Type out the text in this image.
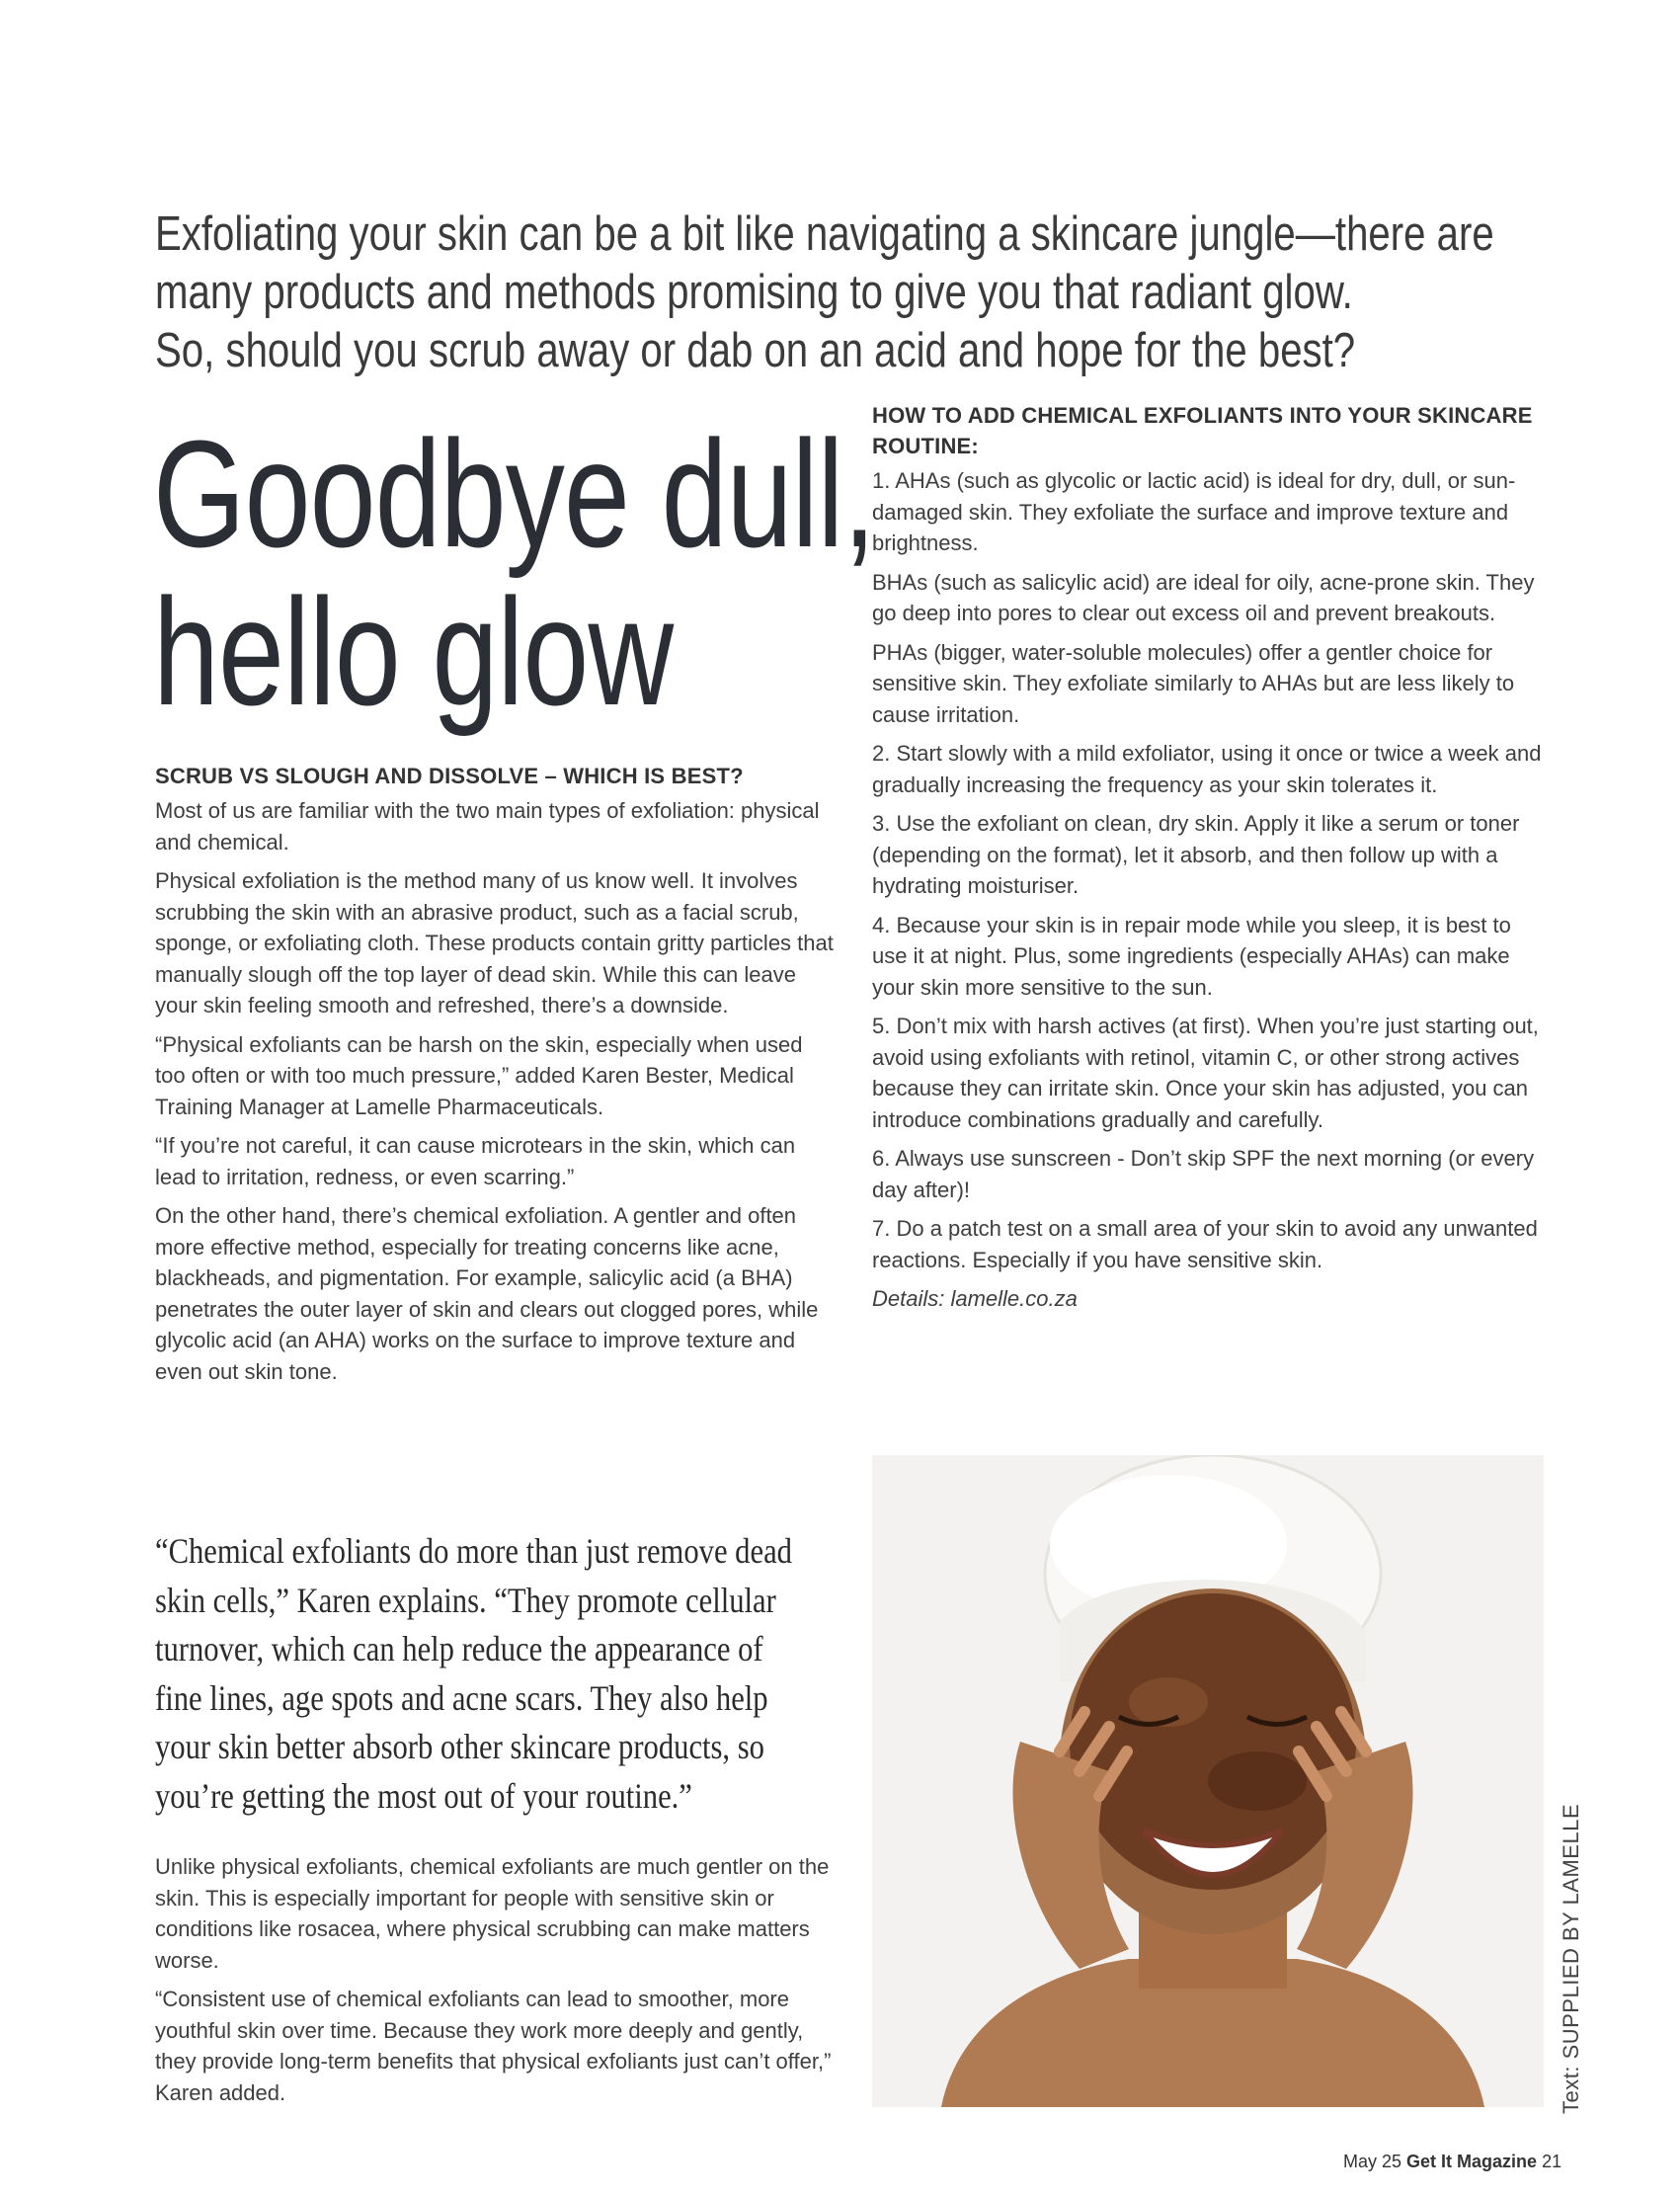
Exfoliating your skin can be a bit like navigating a skincare jungle—there are
many products and methods promising to give you that radiant glow.
So, should you scrub away or dab on an acid and hope for the best?
Goodbye dull,
hello glow
SCRUB VS SLOUGH AND DISSOLVE – WHICH IS BEST?

Most of us are familiar with the two main types of exfoliation: physical and chemical.

Physical exfoliation is the method many of us know well. It involves scrubbing the skin with an abrasive product, such as a facial scrub, sponge, or exfoliating cloth. These products contain gritty particles that manually slough off the top layer of dead skin. While this can leave your skin feeling smooth and refreshed, there’s a downside.

“Physical exfoliants can be harsh on the skin, especially when used too often or with too much pressure,” added Karen Bester, Medical Training Manager at Lamelle Pharmaceuticals.

“If you’re not careful, it can cause microtears in the skin, which can lead to irritation, redness, or even scarring.”

On the other hand, there’s chemical exfoliation. A gentler and often more effective method, especially for treating concerns like acne, blackheads, and pigmentation. For example, salicylic acid (a BHA) penetrates the outer layer of skin and clears out clogged pores, while glycolic acid (an AHA) works on the surface to improve texture and even out skin tone.

“Chemical exfoliants do more than just remove dead skin cells,” Karen explains. “They promote cellular turnover, which can help reduce the appearance of fine lines, age spots and acne scars. They also help your skin better absorb other skincare products, so you’re getting the most out of your routine.”

Unlike physical exfoliants, chemical exfoliants are much gentler on the skin. This is especially important for people with sensitive skin or conditions like rosacea, where physical scrubbing can make matters worse.

“Consistent use of chemical exfoliants can lead to smoother, more youthful skin over time. Because they work more deeply and gently, they provide long-term benefits that physical exfoliants just can’t offer,” Karen added.

HOW TO ADD CHEMICAL EXFOLIANTS INTO YOUR SKINCARE ROUTINE:

1. AHAs (such as glycolic or lactic acid) is ideal for dry, dull, or sun-damaged skin. They exfoliate the surface and improve texture and brightness.

BHAs (such as salicylic acid) are ideal for oily, acne-prone skin. They go deep into pores to clear out excess oil and prevent breakouts.

PHAs (bigger, water-soluble molecules) offer a gentler choice for sensitive skin. They exfoliate similarly to AHAs but are less likely to cause irritation.

2. Start slowly with a mild exfoliator, using it once or twice a week and gradually increasing the frequency as your skin tolerates it.

3. Use the exfoliant on clean, dry skin. Apply it like a serum or toner (depending on the format), let it absorb, and then follow up with a hydrating moisturiser.

4. Because your skin is in repair mode while you sleep, it is best to use it at night. Plus, some ingredients (especially AHAs) can make your skin more sensitive to the sun.

5. Don’t mix with harsh actives (at first). When you’re just starting out, avoid using exfoliants with retinol, vitamin C, or other strong actives because they can irritate skin. Once your skin has adjusted, you can introduce combinations gradually and carefully.

6. Always use sunscreen - Don’t skip SPF the next morning (or every day after)!

7. Do a patch test on a small area of your skin to avoid any unwanted reactions. Especially if you have sensitive skin.

Details: lamelle.co.za

Text: SUPPLIED BY LAMELLE
May 25 Get It Magazine 21
